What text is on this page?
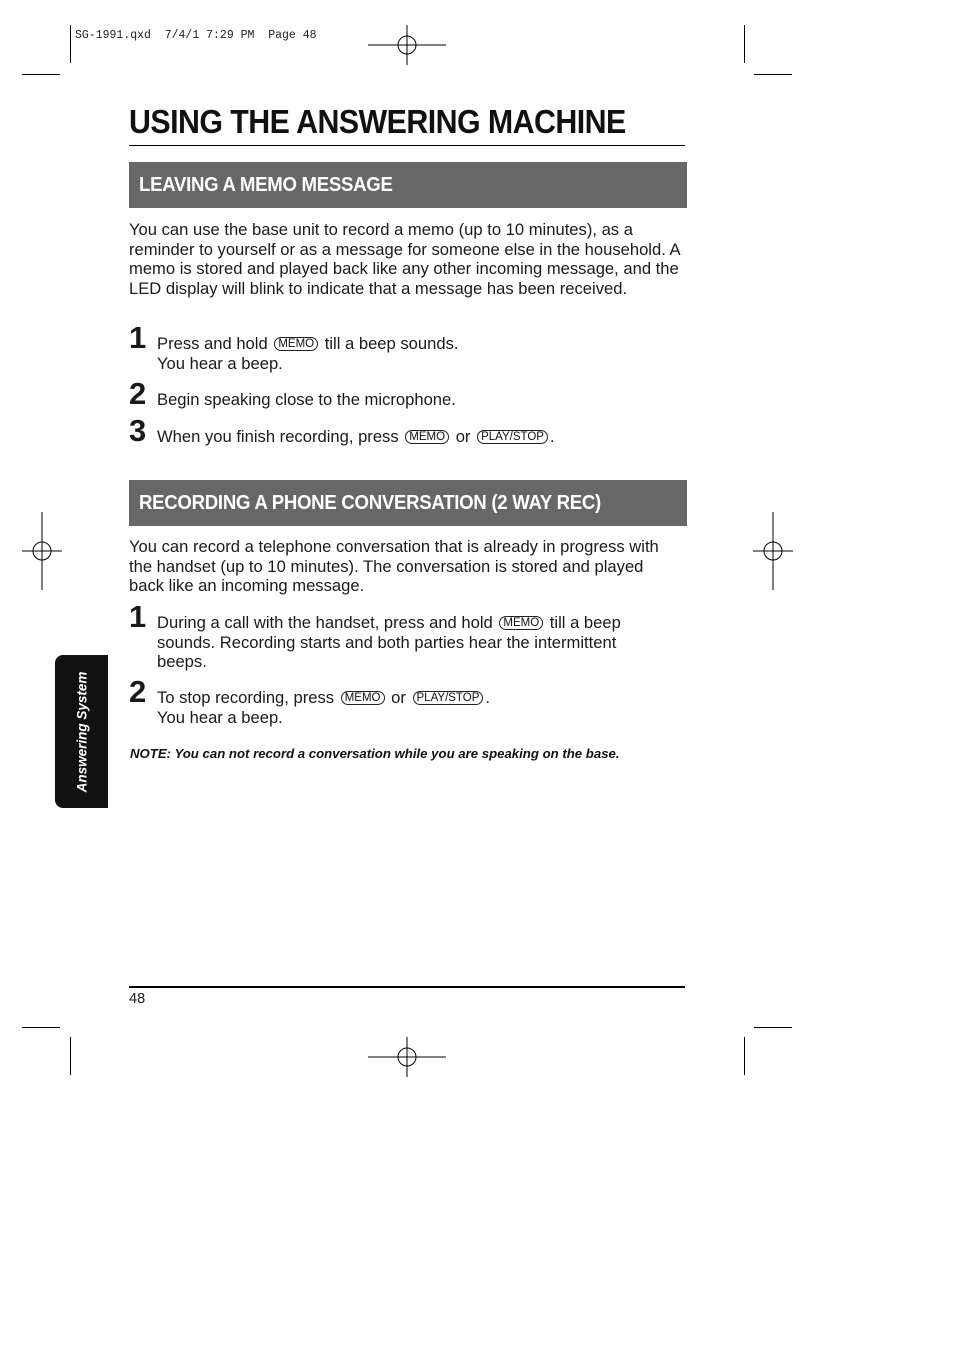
SG-1991.qxd  7/4/1 7:29 PM  Page 48
USING THE ANSWERING MACHINE
LEAVING A MEMO MESSAGE
You can use the base unit to record a memo (up to 10 minutes), as a reminder to yourself or as a message for someone else in the household. A memo is stored and played back like any other incoming message, and the LED display will blink to indicate that a message has been received.
1 Press and hold MEMO till a beep sounds.
You hear a beep.
2 Begin speaking close to the microphone.
3 When you finish recording, press MEMO or PLAY/STOP .
RECORDING A PHONE CONVERSATION (2 WAY REC)
You can record a telephone conversation that is already in progress with the handset (up to 10 minutes). The conversation is stored and played back like an incoming message.
1 During a call with the handset, press and hold MEMO till a beep sounds. Recording starts and both parties hear the intermittent beeps.
2 To stop recording, press MEMO or PLAY/STOP .
You hear a beep.
NOTE: You can not record a conversation while you are speaking on the base.
Answering System
48
